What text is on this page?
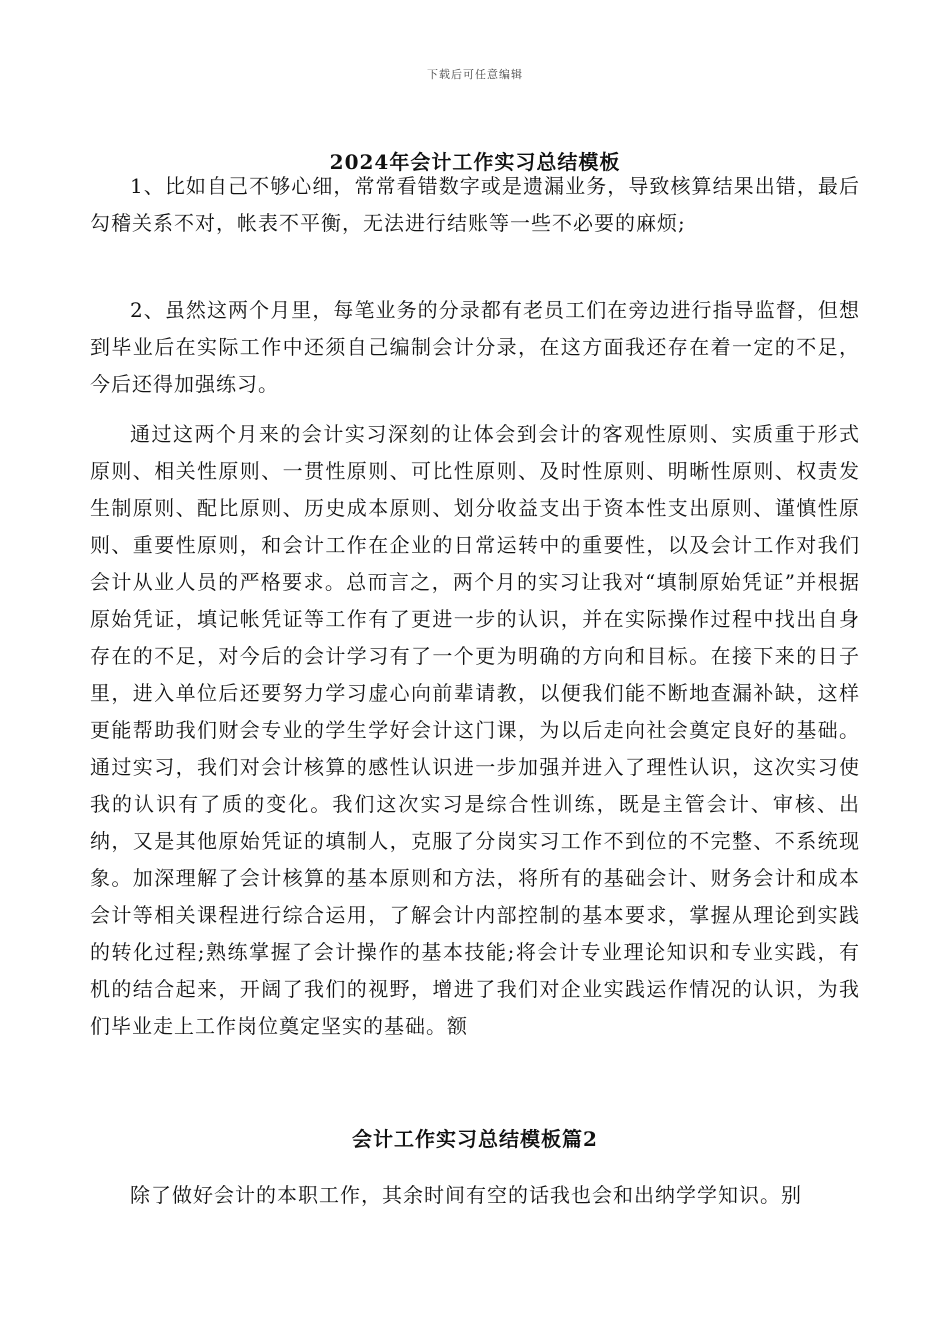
下载后可任意编辑
2024年会计工作实习总结模板

1、比如自己不够心细，常常看错数字或是遗漏业务，导致核算结果出错，最后勾稽关系不对，帐表不平衡，无法进行结账等一些不必要的麻烦;

2、虽然这两个月里，每笔业务的分录都有老员工们在旁边进行指导监督，但想到毕业后在实际工作中还须自己编制会计分录，在这方面我还存在着一定的不足，今后还得加强练习。

通过这两个月来的会计实习深刻的让体会到会计的客观性原则、实质重于形式原则、相关性原则、一贯性原则、可比性原则、及时性原则、明晰性原则、权责发生制原则、配比原则、历史成本原则、划分收益支出于资本性支出原则、谨慎性原则、重要性原则，和会计工作在企业的日常运转中的重要性，以及会计工作对我们会计从业人员的严格要求。总而言之，两个月的实习让我对“填制原始凭证”并根据原始凭证，填记帐凭证等工作有了更进一步的认识，并在实际操作过程中找出自身存在的不足，对今后的会计学习有了一个更为明确的方向和目标。在接下来的日子里，进入单位后还要努力学习虚心向前辈请教，以便我们能不断地查漏补缺，这样更能帮助我们财会专业的学生学好会计这门课，为以后走向社会奠定良好的基础。通过实习，我们对会计核算的感性认识进一步加强并进入了理性认识，这次实习使我的认识有了质的变化。我们这次实习是综合性训练，既是主管会计、审核、出纳，又是其他原始凭证的填制人，克服了分岗实习工作不到位的不完整、不系统现象。加深理解了会计核算的基本原则和方法，将所有的基础会计、财务会计和成本会计等相关课程进行综合运用，了解会计内部控制的基本要求，掌握从理论到实践的转化过程;熟练掌握了会计操作的基本技能;将会计专业理论知识和专业实践，有机的结合起来，开阔了我们的视野，增进了我们对企业实践运作情况的认识，为我们毕业走上工作岗位奠定坚实的基础。额

会计工作实习总结模板篇2

除了做好会计的本职工作，其余时间有空的话我也会和出纳学学知识。别
